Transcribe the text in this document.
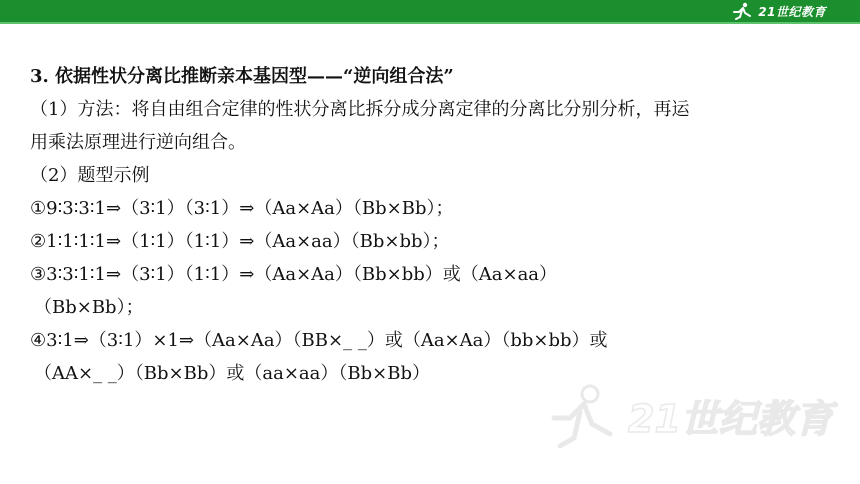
21世纪教育
3. 依据性状分离比推断亲本基因型——“逆向组合法”
（1）方法：将自由组合定律的性状分离比拆分成分离定律的分离比分别分析，再运
用乘法原理进行逆向组合。
（2）题型示例
①9∶3∶3∶1⇒（3∶1）（3∶1）⇒（Aa×Aa）（Bb×Bb）；
②1∶1∶1∶1⇒（1∶1）（1∶1）⇒（Aa×aa）（Bb×bb）；
③3∶3∶1∶1⇒（3∶1）（1∶1）⇒（Aa×Aa）（Bb×bb）或（Aa×aa）
（Bb×Bb）；
④3∶1⇒（3∶1）×1⇒（Aa×Aa）（BB×_ _）或（Aa×Aa）（bb×bb）或
（AA×_ _）（Bb×Bb）或（aa×aa）（Bb×Bb）
21世纪教育
